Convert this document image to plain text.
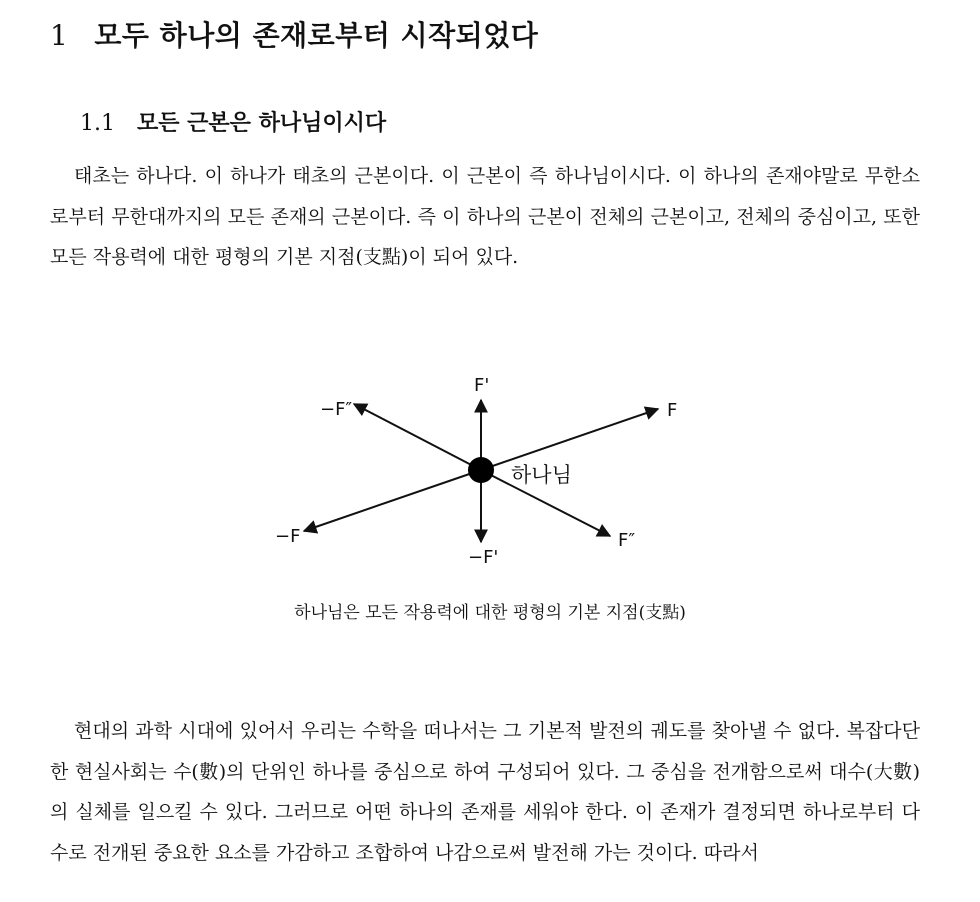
1 모두 하나의 존재로부터 시작되었다
1.1 모든 근본은 하나님이시다
태초는 하나다. 이 하나가 태초의 근본이다. 이 근본이 즉 하나님이시다. 이 하나의 존재야말로 무한소로부터 무한대까지의 모든 존재의 근본이다. 즉 이 하나의 근본이 전체의 근본이고, 전체의 중심이고, 또한 모든 작용력에 대한 평형의 기본 지점(支點)이 되어 있다.
F'
F
−F″
−F	F″
−F'
하나님
하나님은 모든 작용력에 대한 평형의 기본 지점(支點)
현대의 과학 시대에 있어서 우리는 수학을 떠나서는 그 기본적 발전의 궤도를 찾아낼 수 없다. 복잡다단한 현실사회는 수(數)의 단위인 하나를 중심으로 하여 구성되어 있다. 그 중심을 전개함으로써 대수(大數)의 실체를 일으킬 수 있다. 그러므로 어떤 하나의 존재를 세워야 한다. 이 존재가 결정되면 하나로부터 다수로 전개된 중요한 요소를 가감하고 조합하여 나감으로써 발전해 가는 것이다. 따라서
